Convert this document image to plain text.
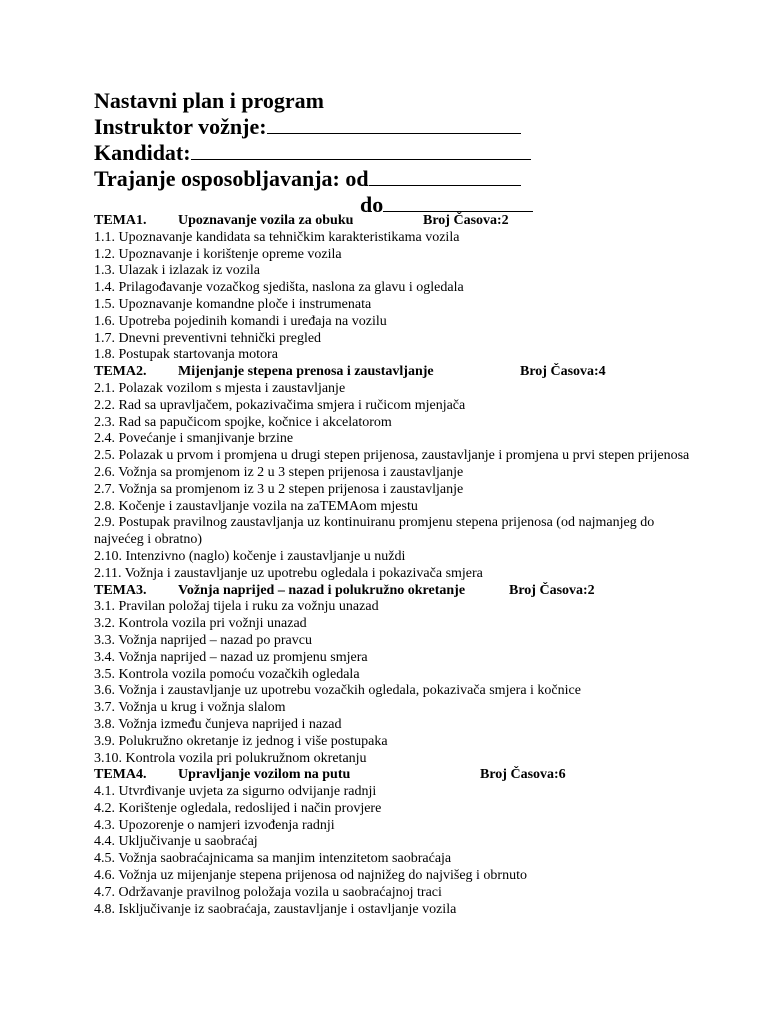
Nastavni plan i program
Instruktor vožnje:
Kandidat:
Trajanje osposobljavanja: od
do
TEMA1. Upoznavanje vozila za obuku	Broj Časova:2
1.1. Upoznavanje kandidata sa tehničkim karakteristikama vozila
1.2. Upoznavanje i korištenje opreme vozila
1.3. Ulazak i izlazak iz vozila
1.4. Prilagođavanje vozačkog sjedišta, naslona za glavu i ogledala
1.5. Upoznavanje komandne ploče i instrumenata
1.6. Upotreba pojedinih komandi i uređaja na vozilu
1.7. Dnevni preventivni tehnički pregled
1.8. Postupak startovanja motora
TEMA2. Mijenjanje stepena prenosa i zaustavljanje	Broj Časova:4
2.1. Polazak vozilom s mjesta i zaustavljanje
2.2. Rad sa upravljačem, pokazivačima smjera i ručicom mjenjača
2.3. Rad sa papučicom spojke, kočnice i akcelatorom
2.4. Povećanje i smanjivanje brzine
2.5. Polazak u prvom i promjena u drugi stepen prijenosa, zaustavljanje i promjena u prvi stepen prijenosa
2.6. Vožnja sa promjenom iz 2 u 3 stepen prijenosa i zaustavljanje
2.7. Vožnja sa promjenom iz 3 u 2 stepen prijenosa i zaustavljanje
2.8. Kočenje i zaustavljanje vozila na zaTEMAom mjestu
2.9. Postupak pravilnog zaustavljanja uz kontinuiranu promjenu stepena prijenosa (od najmanjeg do najvećeg i obratno)
2.10. Intenzivno (naglo) kočenje i zaustavljanje u nuždi
2.11. Vožnja i zaustavljanje uz upotrebu ogledala i pokazivača smjera
TEMA3. Vožnja naprijed – nazad i polukružno okretanje	Broj Časova:2
3.1. Pravilan položaj tijela i ruku za vožnju unazad
3.2. Kontrola vozila pri vožnji unazad
3.3. Vožnja naprijed – nazad po pravcu
3.4. Vožnja naprijed – nazad uz promjenu smjera
3.5. Kontrola vozila pomoću vozačkih ogledala
3.6. Vožnja i zaustavljanje uz upotrebu vozačkih ogledala, pokazivača smjera i kočnice
3.7. Vožnja u krug i vožnja slalom
3.8. Vožnja između čunjeva naprijed i nazad
3.9. Polukružno okretanje iz jednog i više postupaka
3.10. Kontrola vozila pri polukružnom okretanju
TEMA4. Upravljanje vozilom na putu	Broj Časova:6
4.1. Utvrđivanje uvjeta za sigurno odvijanje radnji
4.2. Korištenje ogledala, redoslijed i način provjere
4.3. Upozorenje o namjeri izvođenja radnji
4.4. Uključivanje u saobraćaj
4.5. Vožnja saobraćajnicama sa manjim intenzitetom saobraćaja
4.6. Vožnja uz mijenjanje stepena prijenosa od najnižeg do najvišeg i obrnuto
4.7. Održavanje pravilnog položaja vozila u saobraćajnoj traci
4.8. Isključivanje iz saobraćaja, zaustavljanje i ostavljanje vozila
